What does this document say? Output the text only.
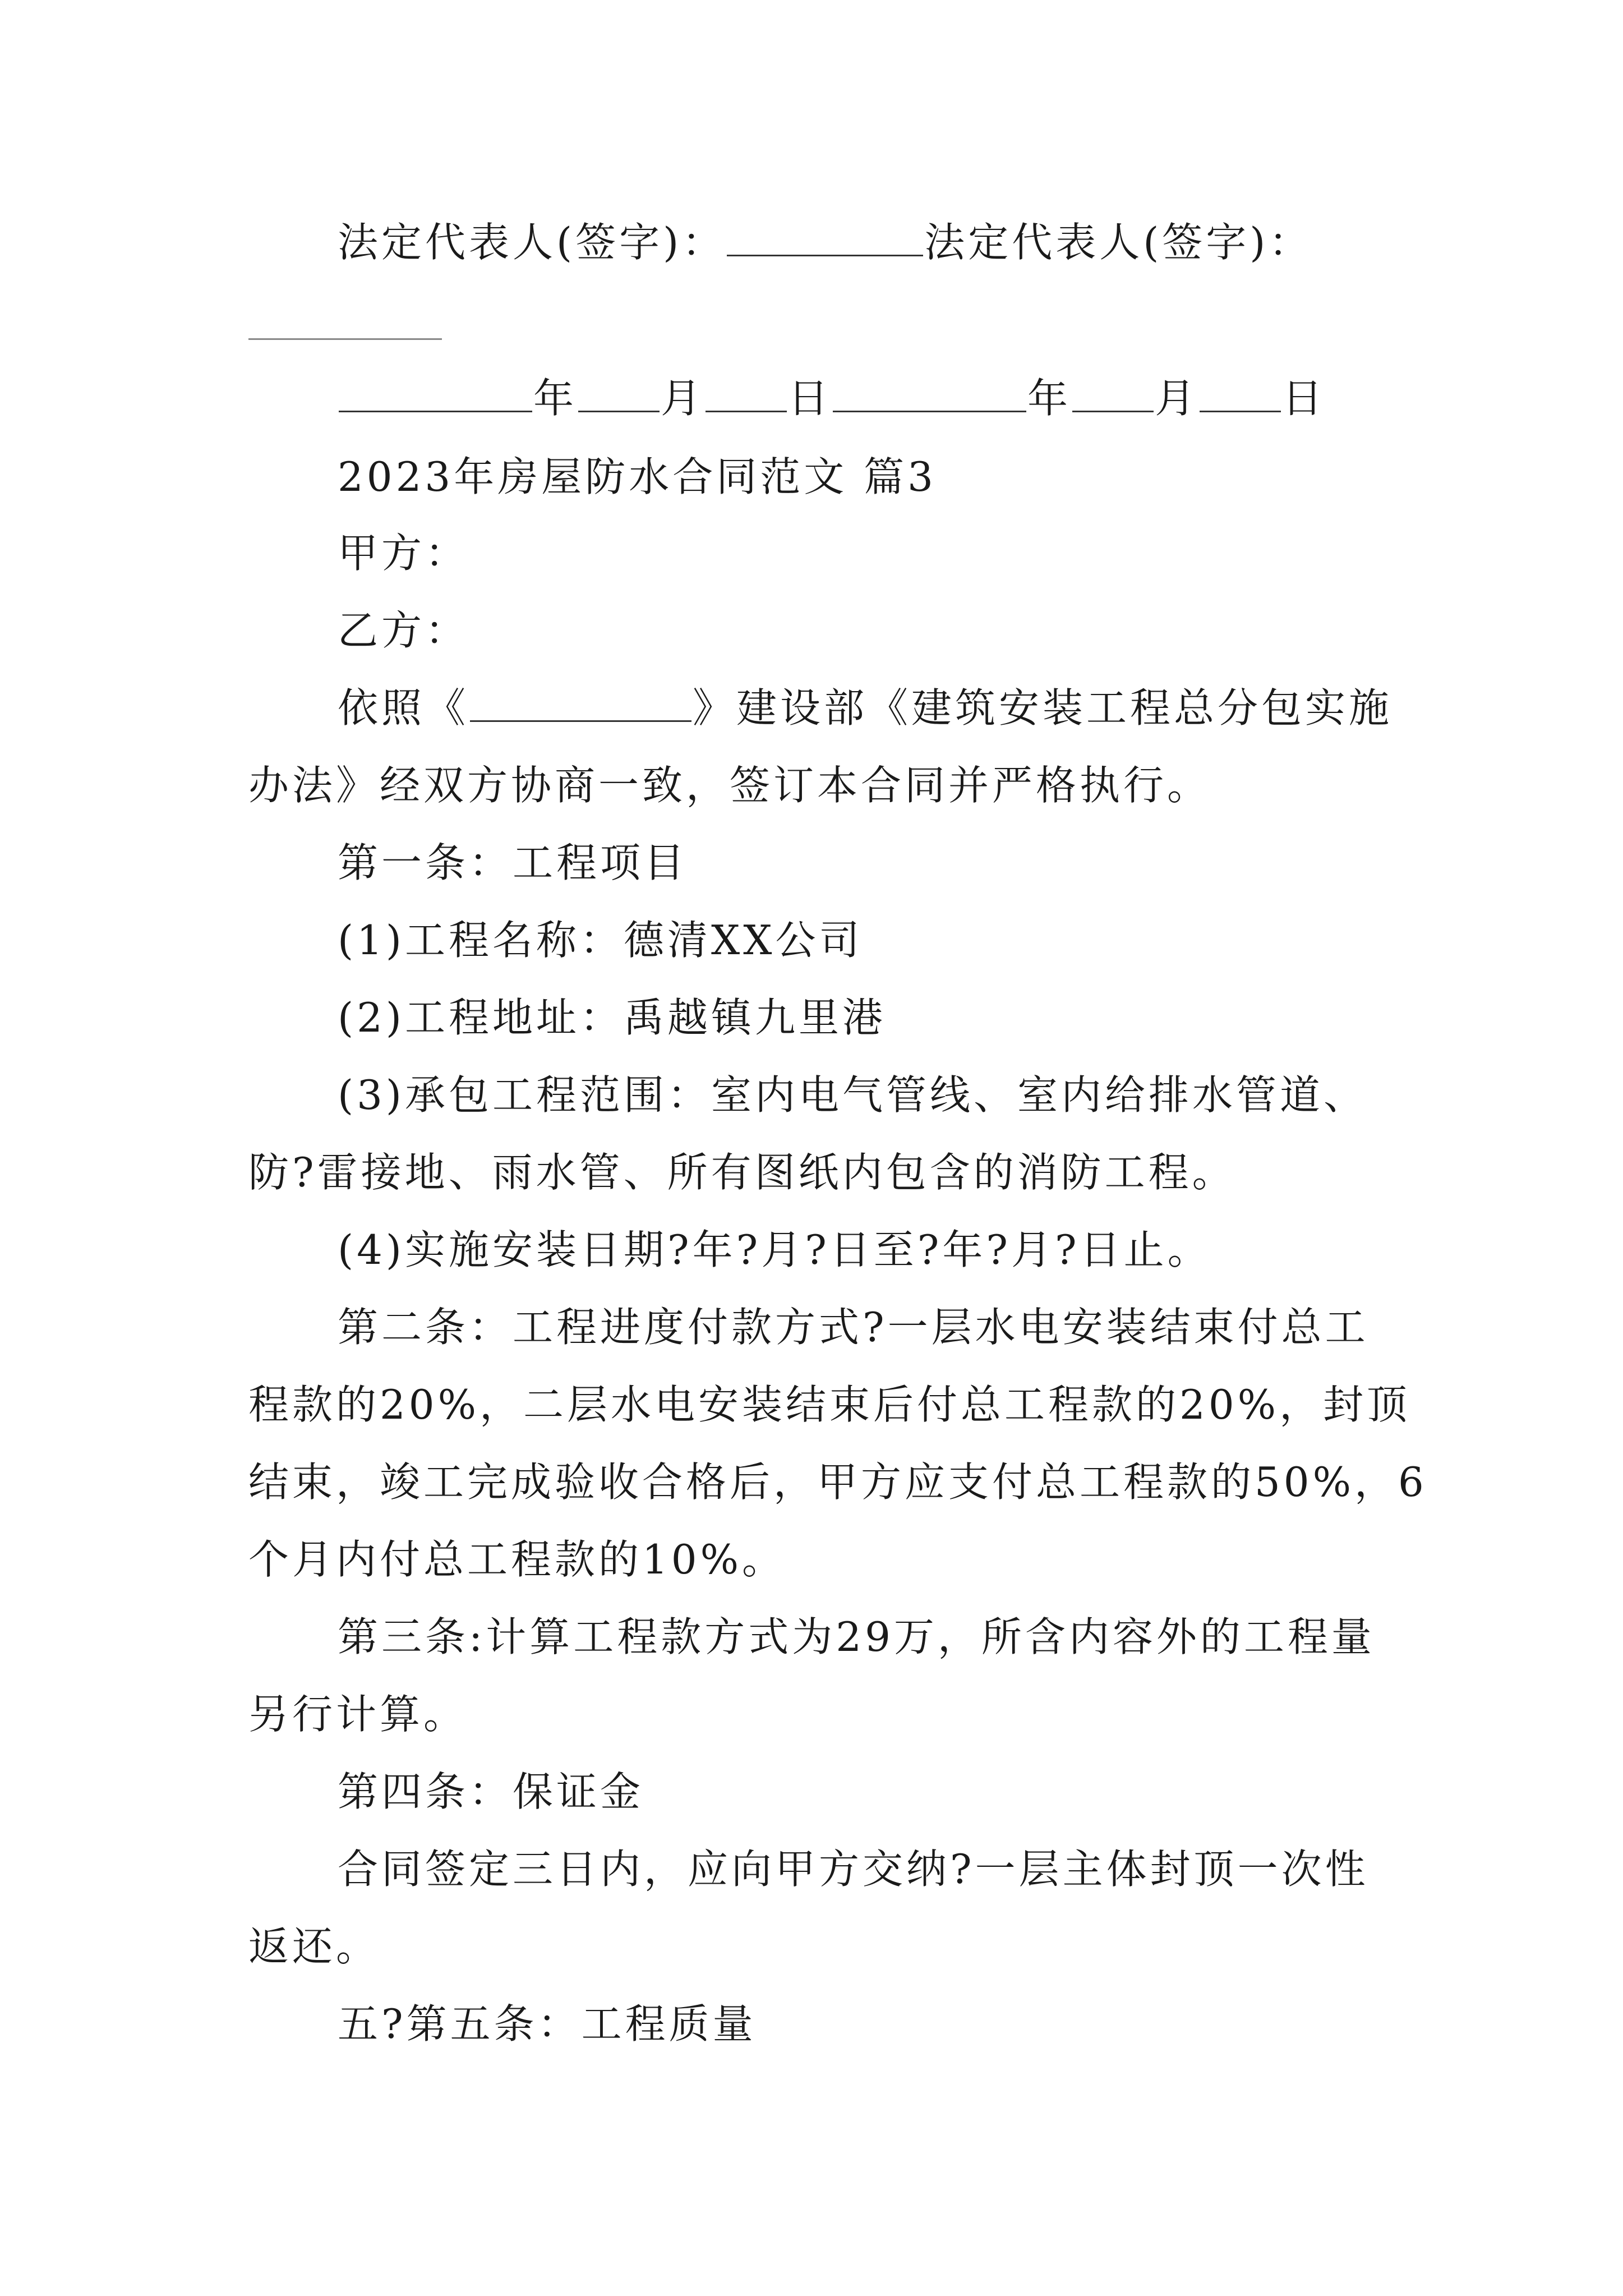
法定代表人(签字)：	法定代表人(签字)：
年 月 日	年 月 日
2023年房屋防水合同范文 篇3
甲方：
乙方：
依照《	》建设部《建筑安装工程总分包实施
办法》经双方协商一致，签订本合同并严格执行。
第一条：工程项目
(1)工程名称：德清XX公司
(2)工程地址：禹越镇九里港
(3)承包工程范围：室内电气管线、室内给排水管道、
防?雷接地、雨水管、所有图纸内包含的消防工程。
(4)实施安装日期?年?月?日至?年?月?日止。
第二条：工程进度付款方式?一层水电安装结束付总工
程款的20%，二层水电安装结束后付总工程款的20%，封顶
结束，竣工完成验收合格后，甲方应支付总工程款的50%，6
个月内付总工程款的10%。
第三条:计算工程款方式为29万，所含内容外的工程量
另行计算。
第四条：保证金
合同签定三日内，应向甲方交纳?一层主体封顶一次性
返还。
五?第五条：工程质量
